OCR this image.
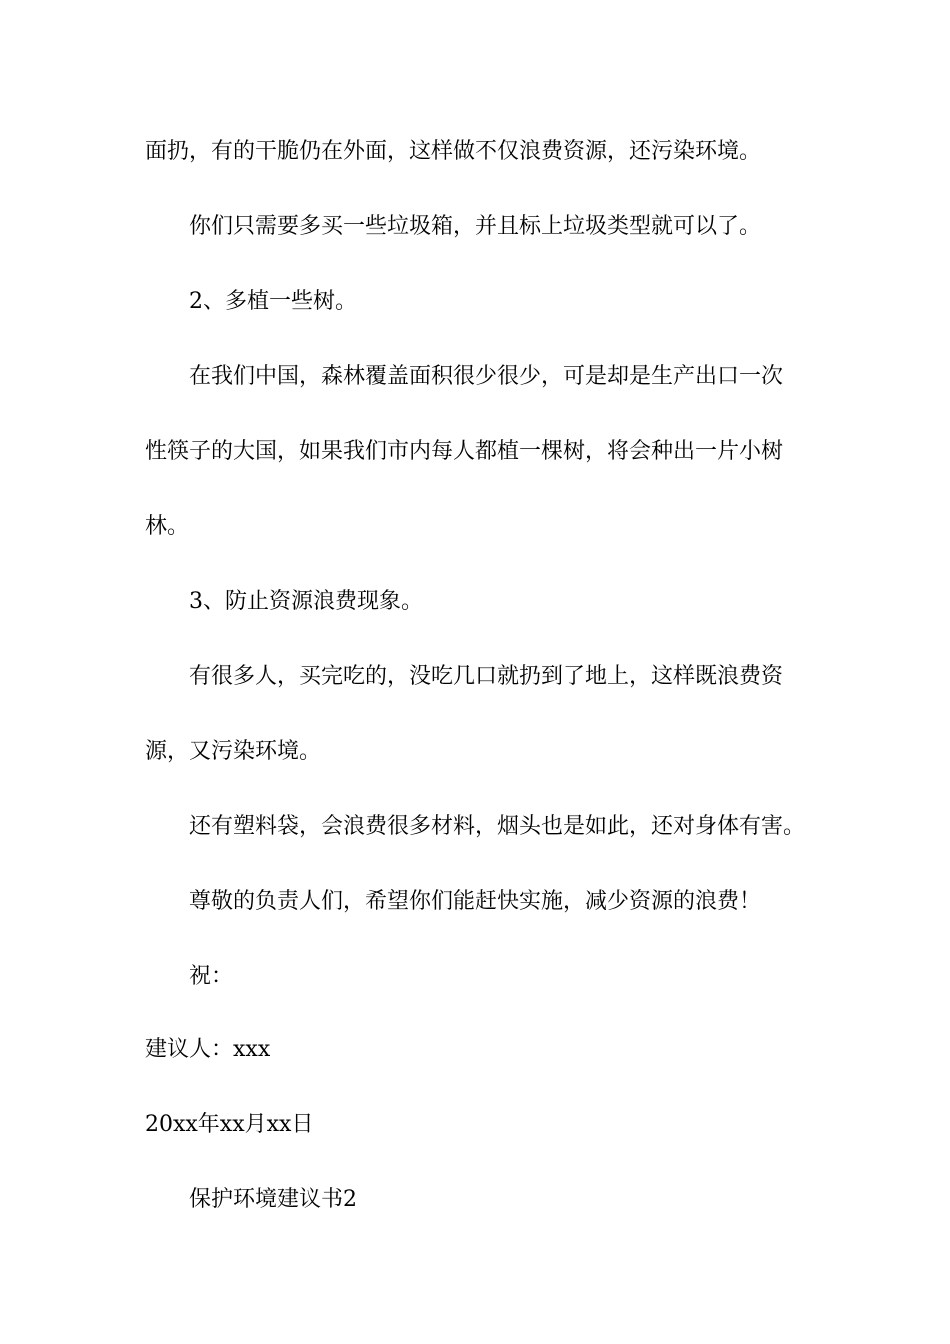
面扔，有的干脆仍在外面，这样做不仅浪费资源，还污染环境。
你们只需要多买一些垃圾箱，并且标上垃圾类型就可以了。
2、多植一些树。
在我们中国，森林覆盖面积很少很少，可是却是生产出口一次
性筷子的大国，如果我们市内每人都植一棵树，将会种出一片小树
林。
3、防止资源浪费现象。
有很多人，买完吃的，没吃几口就扔到了地上，这样既浪费资
源，又污染环境。
还有塑料袋，会浪费很多材料，烟头也是如此，还对身体有害。
尊敬的负责人们，希望你们能赶快实施，减少资源的浪费！
祝：
建议人：xxx
20xx年xx月xx日
保护环境建议书2
